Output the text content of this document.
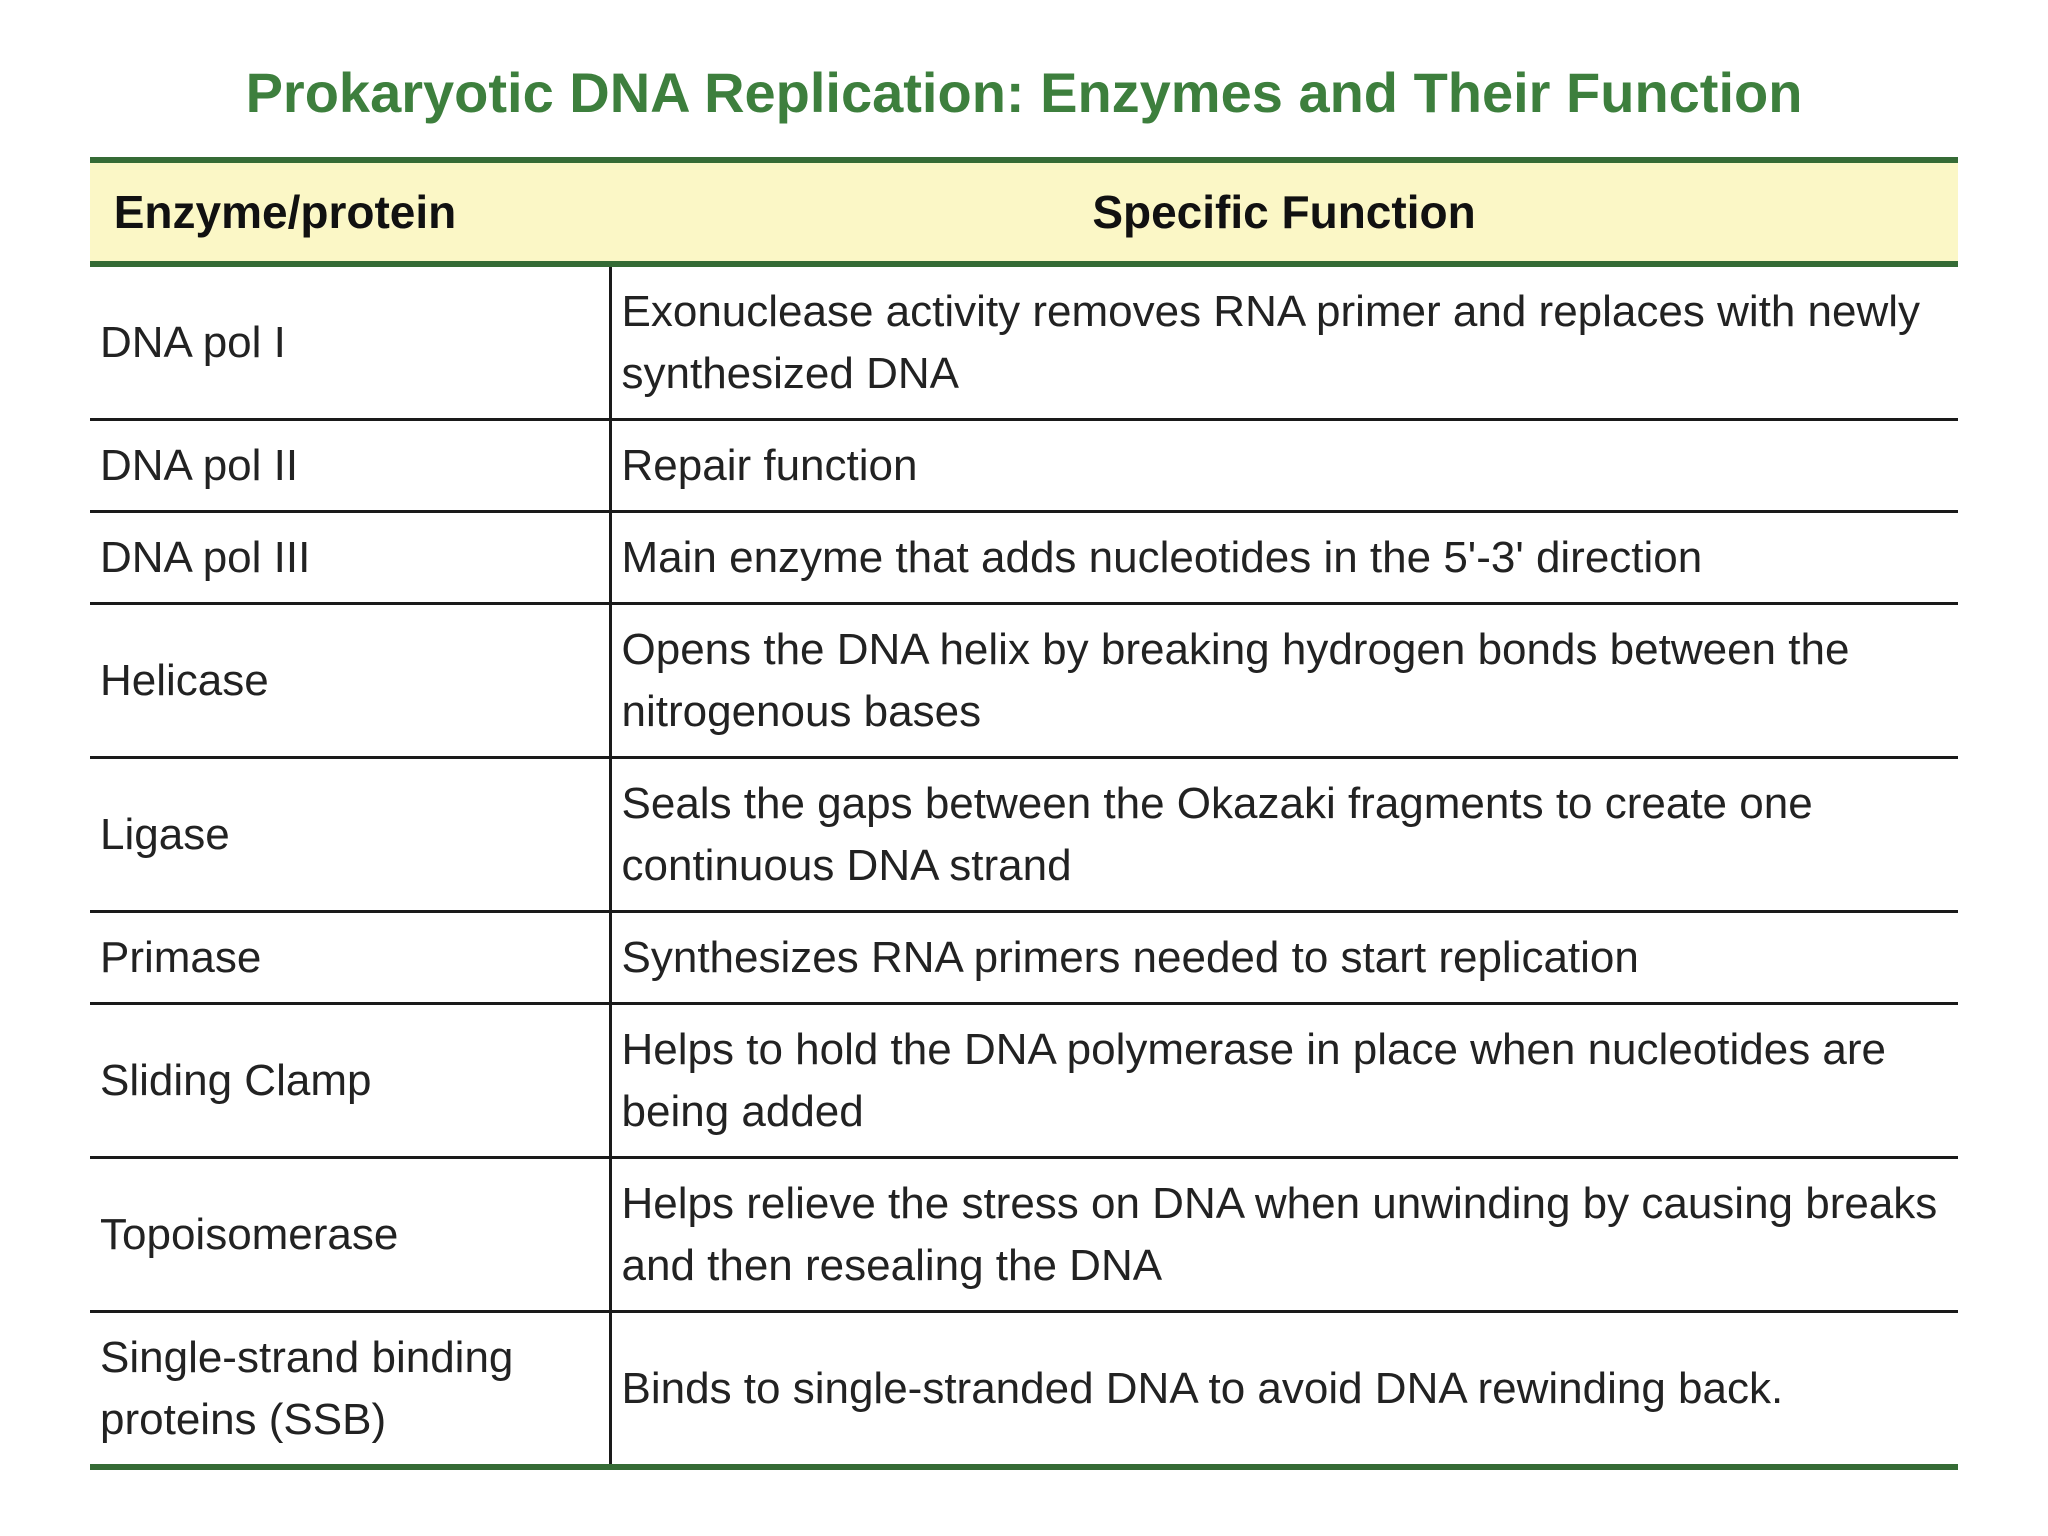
Prokaryotic DNA Replication: Enzymes and Their Function
Enzyme/protein	Specific Function
DNA pol I	Exonuclease activity removes RNA primer and replaces with newly synthesized DNA
DNA pol II	Repair function
DNA pol III	Main enzyme that adds nucleotides in the 5'-3' direction
Helicase	Opens the DNA helix by breaking hydrogen bonds between the nitrogenous bases
Ligase	Seals the gaps between the Okazaki fragments to create one continuous DNA strand
Primase	Synthesizes RNA primers needed to start replication
Sliding Clamp	Helps to hold the DNA polymerase in place when nucleotides are being added
Topoisomerase	Helps relieve the stress on DNA when unwinding by causing breaks and then resealing the DNA
Single-strand binding proteins (SSB)	Binds to single-stranded DNA to avoid DNA rewinding back.
